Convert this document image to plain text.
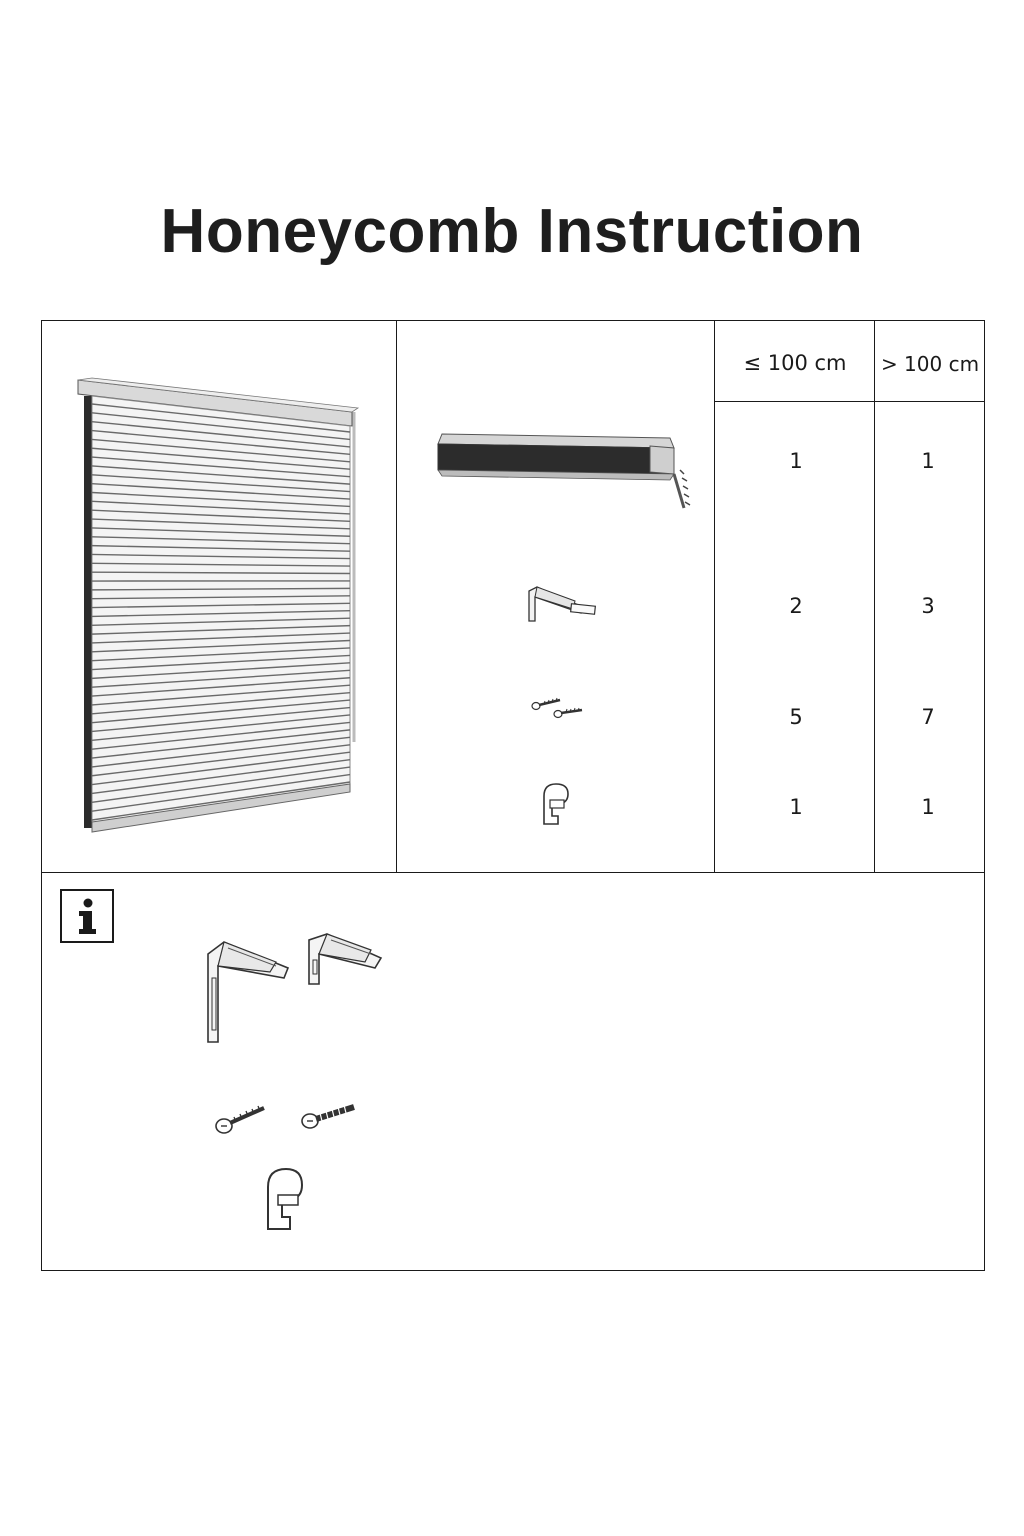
Honeycomb Instruction
≤ 100 cm	> 100 cm
1	1
2	3
5	7
1	1
